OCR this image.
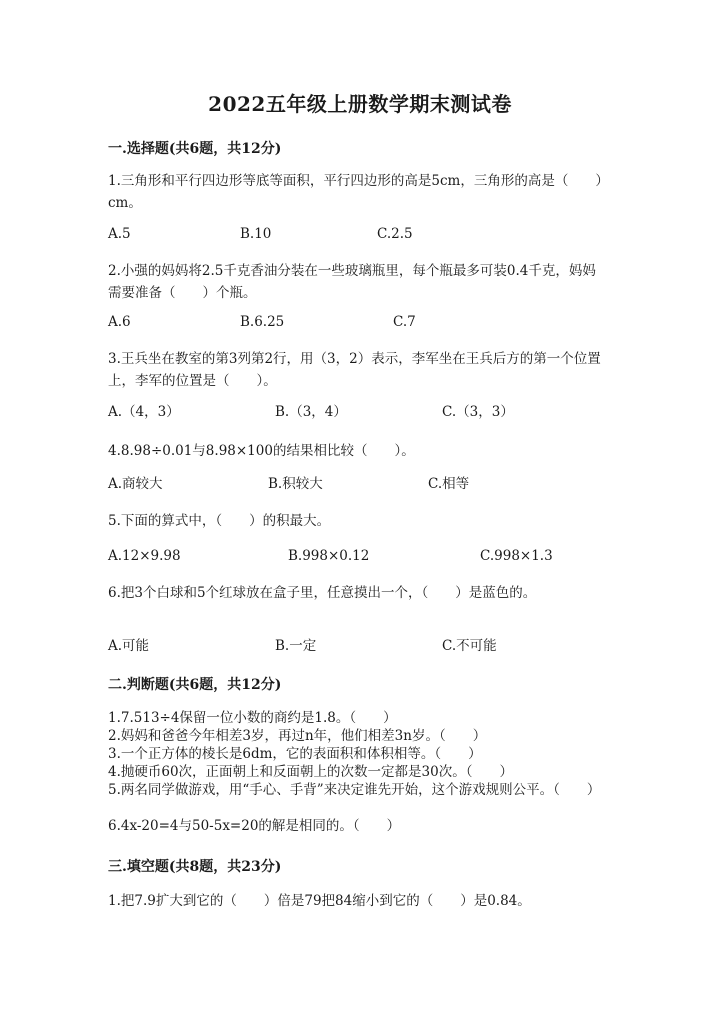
2022五年级上册数学期末测试卷
一.选择题(共6题，共12分)
1.三角形和平行四边形等底等面积，平行四边形的高是5cm，三角形的高是（　　）cm。
A.5	B.10	C.2.5
2.小强的妈妈将2.5千克香油分装在一些玻璃瓶里，每个瓶最多可装0.4千克，妈妈需要准备（　　）个瓶。
A.6	B.6.25	C.7
3.王兵坐在教室的第3列第2行，用（3，2）表示，李军坐在王兵后方的第一个位置上，李军的位置是（　　）。
A.（4，3）	B.（3，4）	C.（3，3）
4.8.98÷0.01与8.98×100的结果相比较（　　）。
A.商较大	B.积较大	C.相等
5.下面的算式中，（　　）的积最大。
A.12×9.98	B.998×0.12	C.998×1.3
6.把3个白球和5个红球放在盒子里，任意摸出一个，（　　）是蓝色的。
A.可能	B.一定	C.不可能
二.判断题(共6题，共12分)
1.7.513÷4保留一位小数的商约是1.8。（　　）
2.妈妈和爸爸今年相差3岁，再过n年，他们相差3n岁。（　　）
3.一个正方体的棱长是6dm，它的表面积和体积相等。（　　）
4.抛硬币60次，正面朝上和反面朝上的次数一定都是30次。（　　）
5.两名同学做游戏，用“手心、手背”来决定谁先开始，这个游戏规则公平。（　　）
6.4x-20=4与50-5x=20的解是相同的。（　　）
三.填空题(共8题，共23分)
1.把7.9扩大到它的（　　）倍是79把84缩小到它的（　　）是0.84。
